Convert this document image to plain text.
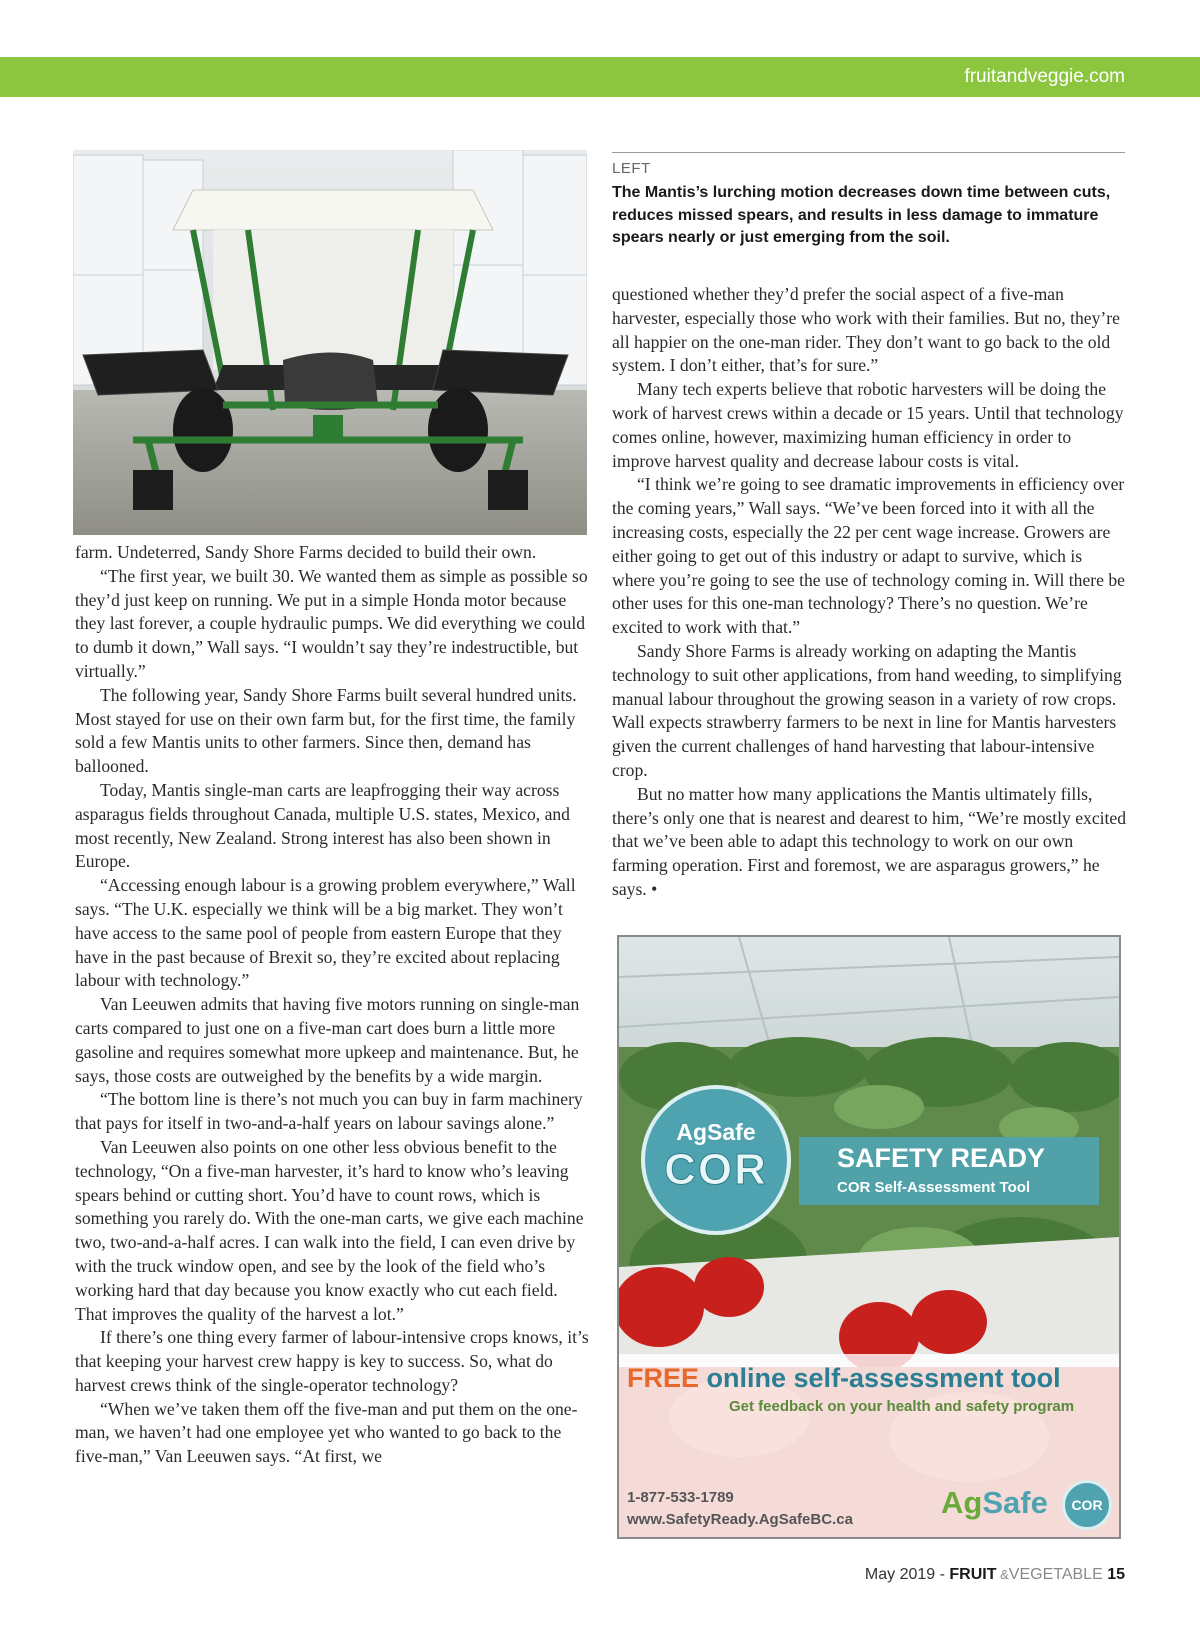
fruitandveggie.com
LEFT
The Mantis’s lurching motion decreases down time between cuts, reduces missed spears, and results in less damage to immature spears nearly or just emerging from the soil.

farm. Undeterred, Sandy Shore Farms decided to build their own.

“The first year, we built 30. We wanted them as simple as possible so they’d just keep on running. We put in a simple Honda motor because they last forever, a couple hydraulic pumps. We did everything we could to dumb it down,” Wall says. “I wouldn’t say they’re indestructible, but virtually.”

The following year, Sandy Shore Farms built several hundred units. Most stayed for use on their own farm but, for the first time, the family sold a few Mantis units to other farmers. Since then, demand has ballooned.

Today, Mantis single-man carts are leapfrogging their way across asparagus fields throughout Canada, multiple U.S. states, Mexico, and most recently, New Zealand. Strong interest has also been shown in Europe.

“Accessing enough labour is a growing problem everywhere,” Wall says. “The U.K. especially we think will be a big market. They won’t have access to the same pool of people from eastern Europe that they have in the past because of Brexit so, they’re excited about replacing labour with technology.”

Van Leeuwen admits that having five motors running on single-man carts compared to just one on a five-man cart does burn a little more gasoline and requires somewhat more upkeep and maintenance. But, he says, those costs are outweighed by the benefits by a wide margin.

“The bottom line is there’s not much you can buy in farm machinery that pays for itself in two-and-a-half years on labour savings alone.”

Van Leeuwen also points on one other less obvious benefit to the technology, “On a five-man harvester, it’s hard to know who’s leaving spears behind or cutting short. You’d have to count rows, which is something you rarely do. With the one-man carts, we give each machine two, two-and-a-half acres. I can walk into the field, I can even drive by with the truck window open, and see by the look of the field who’s working hard that day because you know exactly who cut each field. That improves the quality of the harvest a lot.”

If there’s one thing every farmer of labour-intensive crops knows, it’s that keeping your harvest crew happy is key to success. So, what do harvest crews think of the single-operator technology?

“When we’ve taken them off the five-man and put them on the one-man, we haven’t had one employee yet who wanted to go back to the five-man,” Van Leeuwen says. “At first, we

questioned whether they’d prefer the social aspect of a five-man harvester, especially those who work with their families. But no, they’re all happier on the one-man rider. They don’t want to go back to the old system. I don’t either, that’s for sure.”

Many tech experts believe that robotic harvesters will be doing the work of harvest crews within a decade or 15 years. Until that technology comes online, however, maximizing human efficiency in order to improve harvest quality and decrease labour costs is vital.

“I think we’re going to see dramatic improvements in efficiency over the coming years,” Wall says. “We’ve been forced into it with all the increasing costs, especially the 22 per cent wage increase. Growers are either going to get out of this industry or adapt to survive, which is where you’re going to see the use of technology coming in. Will there be other uses for this one-man technology? There’s no question. We’re excited to work with that.”

Sandy Shore Farms is already working on adapting the Mantis technology to suit other applications, from hand weeding, to simplifying manual labour throughout the growing season in a variety of row crops. Wall expects strawberry farmers to be next in line for Mantis harvesters given the current challenges of hand harvesting that labour-intensive crop.

But no matter how many applications the Mantis ultimately fills, there’s only one that is nearest and dearest to him, “We’re mostly excited that we’ve been able to adapt this technology to work on our own farming operation. First and foremost, we are asparagus growers,” he says. •

AgSafe
COR	SAFETY READY
COR Self-Assessment Tool
FREE online self-assessment tool
Get feedback on your health and safety program
1-877-533-1789
www.SafetyReady.AgSafeBC.ca	AgSafe	COR
May 2019 - FRUIT &VEGETABLE 15
